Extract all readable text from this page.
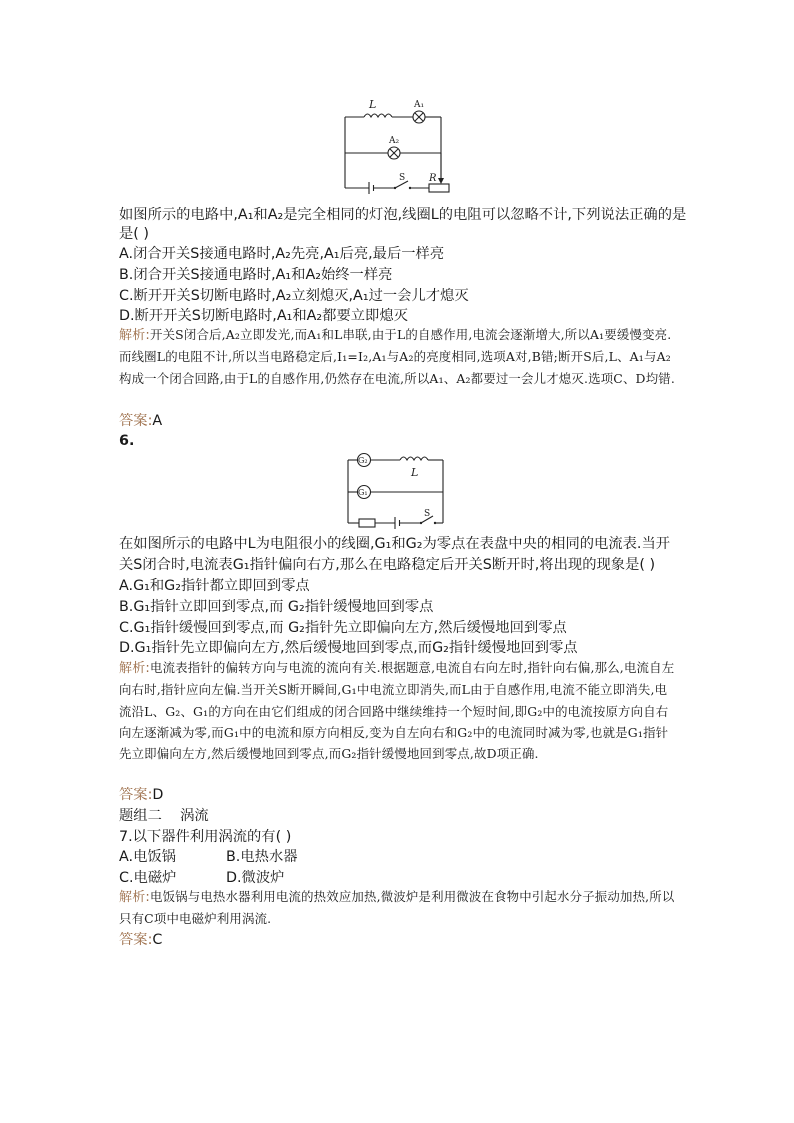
L	A₁
A₂
S R
如图所示的电路中,A₁和A₂是完全相同的灯泡,线圈L的电阻可以忽略不计,下列说法正确的是
是( )
A.闭合开关S接通电路时,A₂先亮,A₁后亮,最后一样亮
B.闭合开关S接通电路时,A₁和A₂始终一样亮
C.断开开关S切断电路时,A₂立刻熄灭,A₁过一会儿才熄灭
D.断开开关S切断电路时,A₁和A₂都要立即熄灭
解析:开关S闭合后,A₂立即发光,而A₁和L串联,由于L的自感作用,电流会逐渐增大,所以A₁要缓慢变亮.而线圈L的电阻不计,所以当电路稳定后,I₁=I₂,A₁与A₂的亮度相同,选项A对,B错;断开S后,L、A₁与A₂构成一个闭合回路,由于L的自感作用,仍然存在电流,所以A₁、A₂都要过一会儿才熄灭.选项C、D均错.
答案:A
6.
G₂
G₁
L
S
在如图所示的电路中L为电阻很小的线圈,G₁和G₂为零点在表盘中央的相同的电流表.当开
关S闭合时,电流表G₁指针偏向右方,那么在电路稳定后开关S断开时,将出现的现象是( )
A.G₁和G₂指针都立即回到零点
B.G₁指针立即回到零点,而 G₂指针缓慢地回到零点
C.G₁指针缓慢回到零点,而 G₂指针先立即偏向左方,然后缓慢地回到零点
D.G₁指针先立即偏向左方,然后缓慢地回到零点,而G₂指针缓慢地回到零点
解析:电流表指针的偏转方向与电流的流向有关.根据题意,电流自右向左时,指针向右偏,那么,电流自左向右时,指针应向左偏.当开关S断开瞬间,G₁中电流立即消失,而L由于自感作用,电流不能立即消失,电流沿L、G₂、G₁的方向在由它们组成的闭合回路中继续维持一个短时间,即G₂中的电流按原方向自右向左逐渐减为零,而G₁中的电流和原方向相反,变为自左向右和G₂中的电流同时减为零,也就是G₁指针先立即偏向左方,然后缓慢地回到零点,而G₂指针缓慢地回到零点,故D项正确.
答案:D
题组二    涡流
7.以下器件利用涡流的有( )
A.电饭锅	B.电热水器
C.电磁炉	D.微波炉
解析:电饭锅与电热水器利用电流的热效应加热,微波炉是利用微波在食物中引起水分子振动加热,所以只有C项中电磁炉利用涡流.
答案:C
